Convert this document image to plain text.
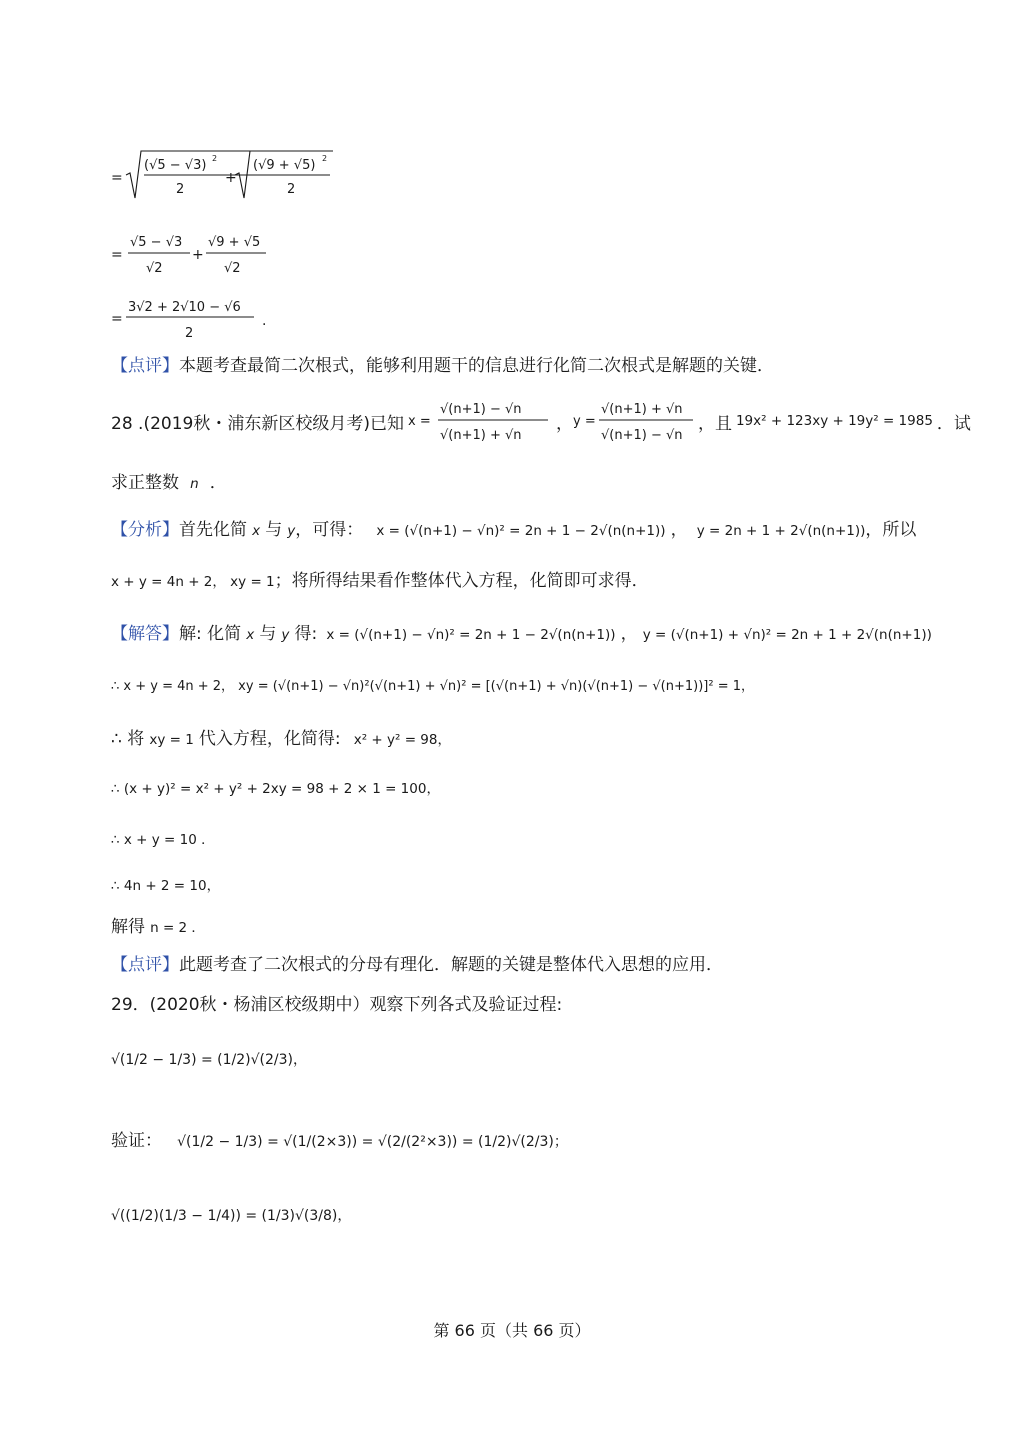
=
(√5 − √3) 2
2
+
(√9 + √5) 2
2
=
√5 − √3
√2
+
√9 + √5
√2
=
3√2 + 2√10 − √6
2
.
【点评】本题考查最简二次根式，能够利用题干的信息进行化简二次根式是解题的关键．
28 .(2019秋・浦东新区校级月考)已知 x =
√(n+1) − √n
√(n+1) + √n
， y =
√(n+1) + √n
√(n+1) − √n
，且 19x² + 123xy + 19y² = 1985 ．试
求正整数 n ．
【分析】首先化简 x 与 y，可得： x = (√(n+1) − √n)² = 2n + 1 − 2√(n(n+1)) ， y = 2n + 1 + 2√(n(n+1))，所以
x + y = 4n + 2， xy = 1；将所得结果看作整体代入方程，化简即可求得．
【解答】解: 化简 x 与 y 得: x = (√(n+1) − √n)² = 2n + 1 − 2√(n(n+1)) ， y = (√(n+1) + √n)² = 2n + 1 + 2√(n(n+1))
∴ x + y = 4n + 2， xy = (√(n+1) − √n)²(√(n+1) + √n)² = [(√(n+1) + √n)(√(n+1) − √(n+1))]² = 1，
∴ 将 xy = 1 代入方程，化简得: x² + y² = 98，
∴ (x + y)² = x² + y² + 2xy = 98 + 2 × 1 = 100，
∴ x + y = 10 ．
∴ 4n + 2 = 10，
解得 n = 2 ．
【点评】此题考查了二次根式的分母有理化．解题的关键是整体代入思想的应用．
29．(2020秋・杨浦区校级期中）观察下列各式及验证过程:
√(1/2 − 1/3) = (1/2)√(2/3)，
验证： √(1/2 − 1/3) = √(1/(2×3)) = √(2/(2²×3)) = (1/2)√(2/3)；
√((1/2)(1/3 − 1/4)) = (1/3)√(3/8)，
第 66 页（共 66 页）
